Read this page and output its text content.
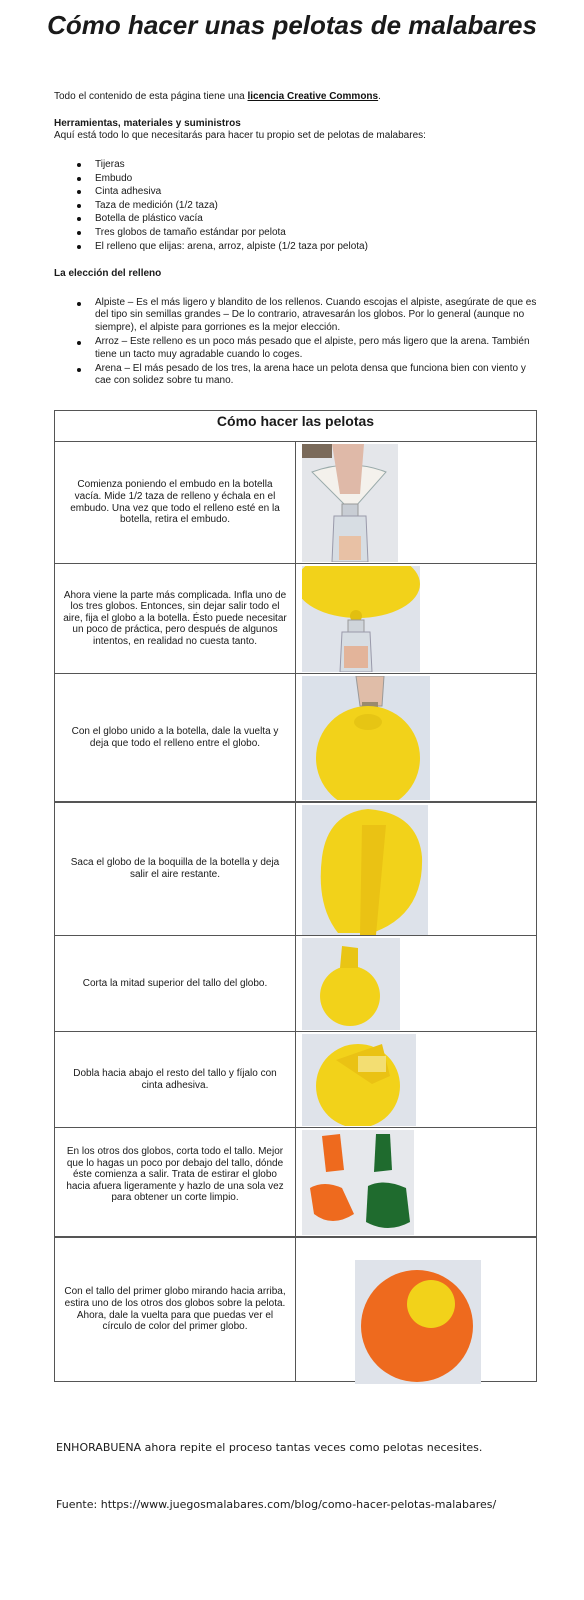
Cómo hacer unas pelotas de malabares
Todo el contenido de esta página tiene una licencia Creative Commons.
Herramientas, materiales y suministros
Aquí está todo lo que necesitarás para hacer tu propio set de pelotas de malabares:
Tijeras
Embudo
Cinta adhesiva
Taza de medición (1/2 taza)
Botella de plástico vacía
Tres globos de tamaño estándar por pelota
El relleno que elijas: arena, arroz, alpiste (1/2 taza por pelota)
La elección del relleno
Alpiste – Es el más ligero y blandito de los rellenos. Cuando escojas el alpiste, asegúrate de que es del tipo sin semillas grandes – De lo contrario, atravesarán los globos. Por lo general (aunque no siempre), el alpiste para gorriones es la mejor elección.
Arroz – Este relleno es un poco más pesado que el alpiste, pero más ligero que la arena. También tiene un tacto muy agradable cuando lo coges.
Arena – El más pesado de los tres, la arena hace un pelota densa que funciona bien con viento y cae con solidez sobre tu mano.
Cómo hacer las pelotas
Comienza poniendo el embudo en la botella vacía. Mide 1/2 taza de relleno y échala en el embudo. Una vez que todo el relleno esté en la botella, retira el embudo.
Ahora viene la parte más complicada. Infla uno de los tres globos. Entonces, sin dejar salir todo el aire, fija el globo a la botella. Ésto puede necesitar un poco de práctica, pero después de algunos intentos, en realidad no cuesta tanto.
Con el globo unido a la botella, dale la vuelta y deja que todo el relleno entre el globo.
Saca el globo de la boquilla de la botella y deja salir el aire restante.
Corta la mitad superior del tallo del globo.
Dobla hacia abajo el resto del tallo y fíjalo con cinta adhesiva.
En los otros dos globos, corta todo el tallo. Mejor que lo hagas un poco por debajo del tallo, dónde éste comienza a salir. Trata de estirar el globo hacia afuera ligeramente y hazlo de una sola vez para obtener un corte limpio.
Con el tallo del primer globo mirando hacia arriba, estira uno de los otros dos globos sobre la pelota. Ahora, dale la vuelta para que puedas ver el círculo de color del primer globo.
ENHORABUENA ahora repite el proceso tantas veces como pelotas necesites.
Fuente: https://www.juegosmalabares.com/blog/como-hacer-pelotas-malabares/
